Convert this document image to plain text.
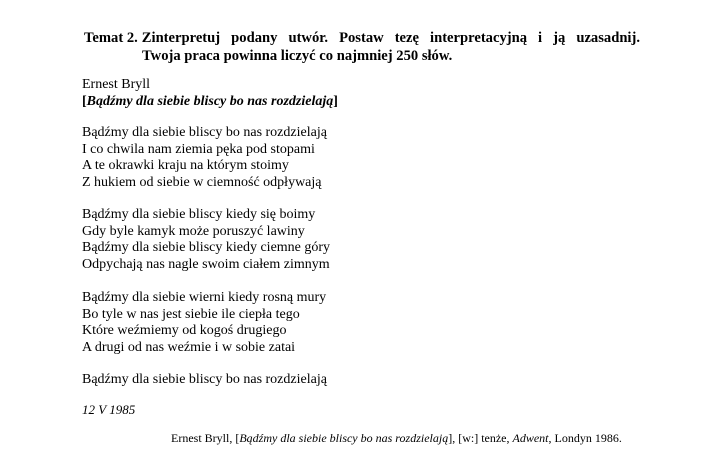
Temat 2. Zinterpretuj podany utwór. Postaw tezę interpretacyjną i ją uzasadnij.
Twoja praca powinna liczyć co najmniej 250 słów.
Ernest Bryll
[Bądźmy dla siebie bliscy bo nas rozdzielają]
Bądźmy dla siebie bliscy bo nas rozdzielają
I co chwila nam ziemia pęka pod stopami
A te okrawki kraju na którym stoimy
Z hukiem od siebie w ciemność odpływają
Bądźmy dla siebie bliscy kiedy się boimy
Gdy byle kamyk może poruszyć lawiny
Bądźmy dla siebie bliscy kiedy ciemne góry
Odpychają nas nagle swoim ciałem zimnym
Bądźmy dla siebie wierni kiedy rosną mury
Bo tyle w nas jest siebie ile ciepła tego
Które weźmiemy od kogoś drugiego
A drugi od nas weźmie i w sobie zatai
Bądźmy dla siebie bliscy bo nas rozdzielają
12 V 1985
Ernest Bryll, [Bądźmy dla siebie bliscy bo nas rozdzielają], [w:] tenże, Adwent, Londyn 1986.
